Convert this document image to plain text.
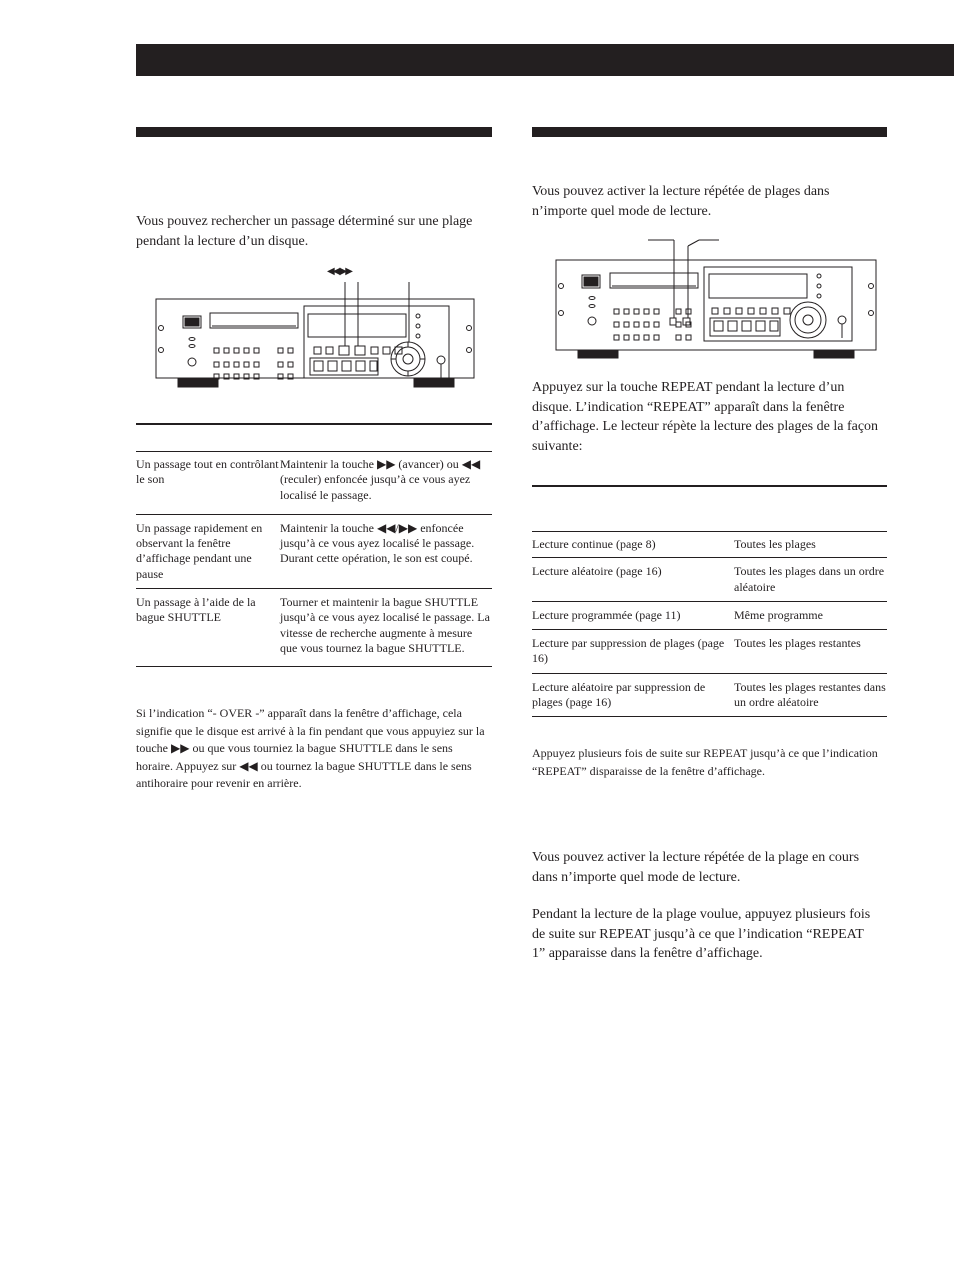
Vous pouvez rechercher un passage déterminé sur une plage pendant la lecture d’un disque.
◀◀ ▶▶
Un passage tout en contrôlant le son	Maintenir la touche ▶▶ (avancer) ou ◀◀ (reculer) enfoncée jusqu’à ce vous ayez localisé le passage.
Un passage rapidement en observant la fenêtre d’affichage pendant une pause	Maintenir la touche ◀◀/▶▶ enfoncée jusqu’à ce vous ayez localisé le passage. Durant cette opération, le son est coupé.
Un passage à l’aide de la bague SHUTTLE	Tourner et maintenir la bague SHUTTLE jusqu’à ce vous ayez localisé le passage. La vitesse de recherche augmente à mesure que vous tournez la bague SHUTTLE.
Si l’indication “- OVER -” apparaît dans la fenêtre d’affichage, cela signifie que le disque est arrivé à la fin pendant que vous appuyiez sur la touche ▶▶ ou que vous tourniez la bague SHUTTLE dans le sens horaire. Appuyez sur ◀◀ ou tournez la bague SHUTTLE dans le sens antihoraire pour revenir en arrière.
Vous pouvez activer la lecture répétée de plages dans n’importe quel mode de lecture.
Appuyez sur la touche REPEAT pendant la lecture d’un disque. L’indication “REPEAT” apparaît dans la fenêtre d’affichage. Le lecteur répète la lecture des plages de la façon suivante:
Lecture continue (page 8)	Toutes les plages
Lecture aléatoire (page 16)	Toutes les plages dans un ordre aléatoire
Lecture programmée (page 11)	Même programme
Lecture par suppression de plages (page 16)	Toutes les plages restantes
Lecture aléatoire par suppression de plages (page 16)	Toutes les plages restantes dans un ordre aléatoire
Appuyez plusieurs fois de suite sur REPEAT jusqu’à ce que l’indication “REPEAT” disparaisse de la fenêtre d’affichage.
Vous pouvez activer la lecture répétée de la plage en cours dans n’importe quel mode de lecture.
Pendant la lecture de la plage voulue, appuyez plusieurs fois de suite sur REPEAT jusqu’à ce que l’indication “REPEAT 1” apparaisse dans la fenêtre d’affichage.
